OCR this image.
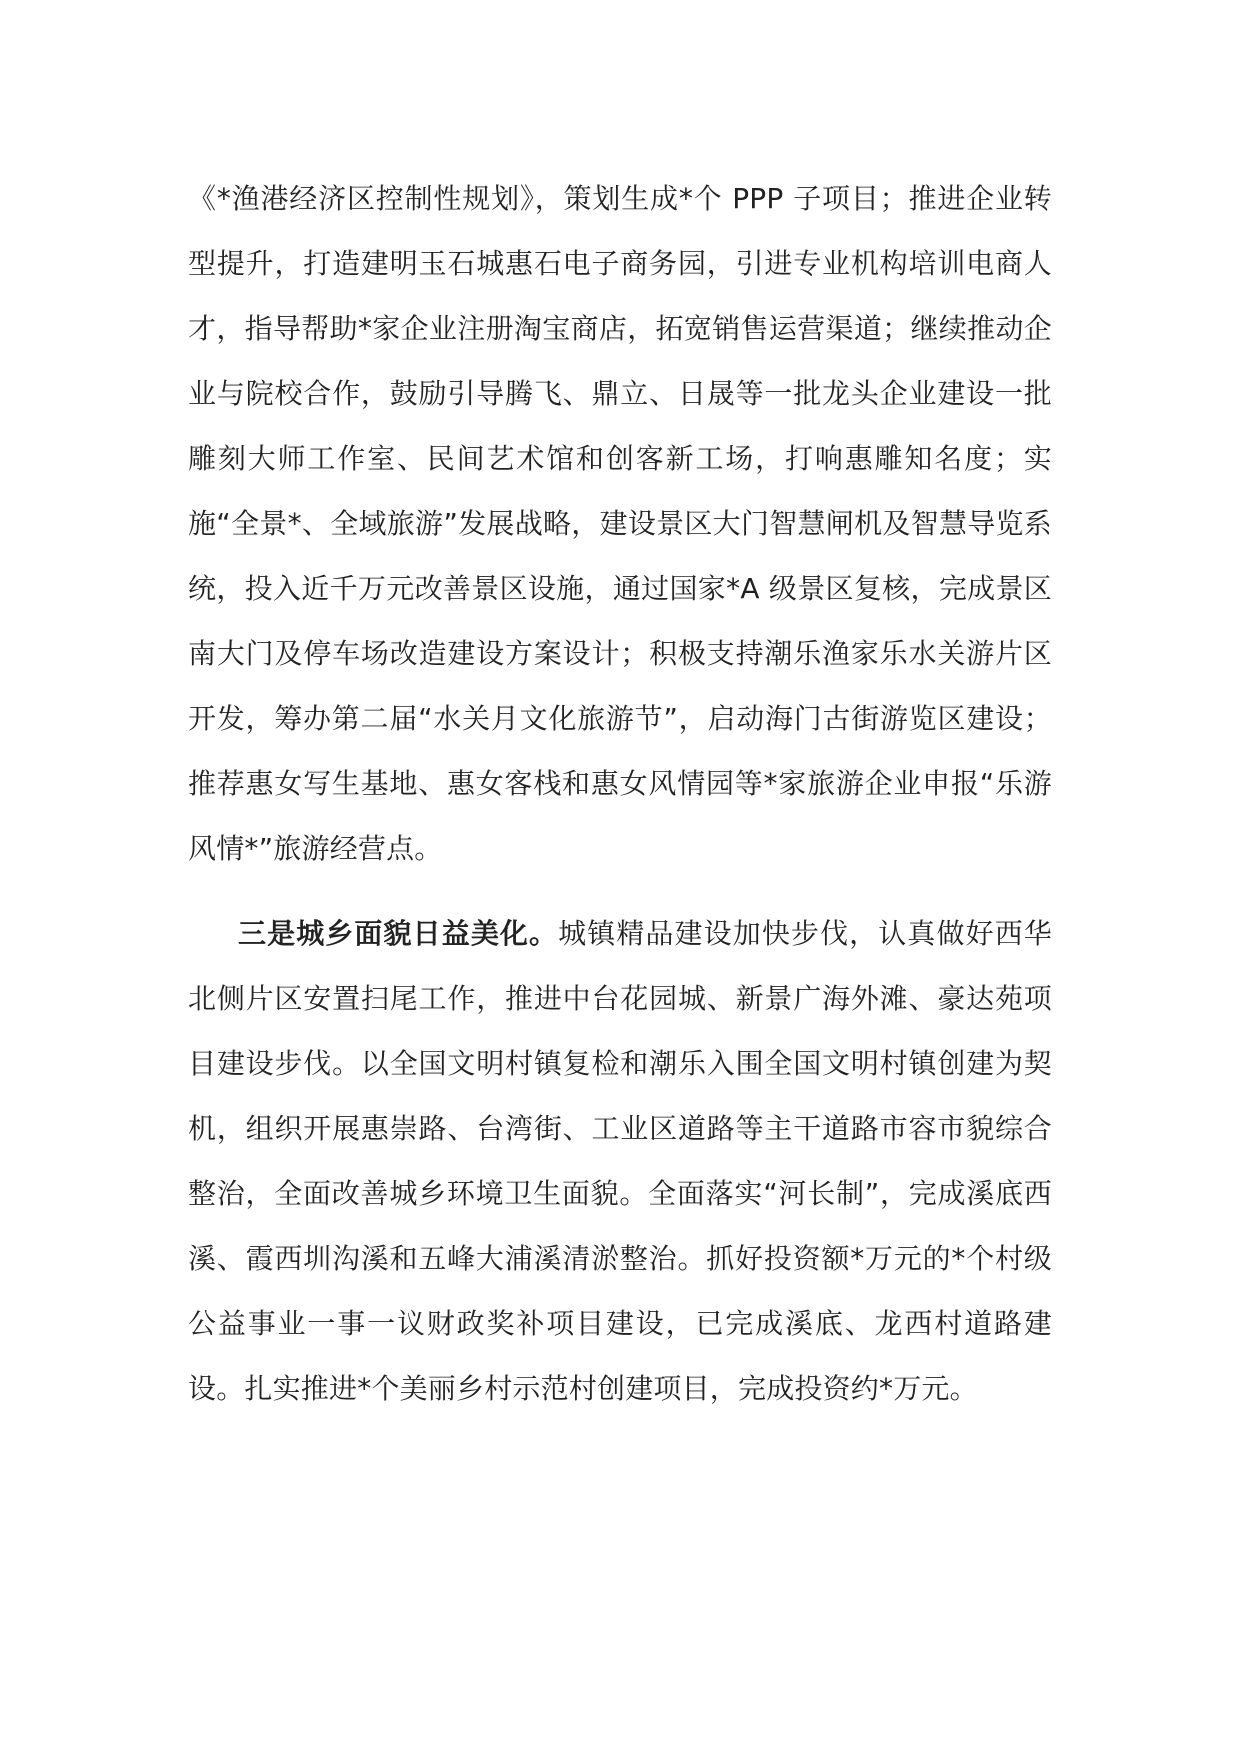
《*渔港经济区控制性规划》，策划生成*个 PPP 子项目；推进企业转型提升，打造建明玉石城惠石电子商务园，引进专业机构培训电商人才，指导帮助*家企业注册淘宝商店，拓宽销售运营渠道；继续推动企业与院校合作，鼓励引导腾飞、鼎立、日晟等一批龙头企业建设一批雕刻大师工作室、民间艺术馆和创客新工场，打响惠雕知名度；实施“全景*、全域旅游”发展战略，建设景区大门智慧闸机及智慧导览系统，投入近千万元改善景区设施，通过国家*A 级景区复核，完成景区南大门及停车场改造建设方案设计；积极支持潮乐渔家乐水关游片区开发，筹办第二届“水关月文化旅游节”，启动海门古街游览区建设；推荐惠女写生基地、惠女客栈和惠女风情园等*家旅游企业申报“乐游风情*”旅游经营点。

三是城乡面貌日益美化。城镇精品建设加快步伐，认真做好西华北侧片区安置扫尾工作，推进中台花园城、新景广海外滩、豪达苑项目建设步伐。以全国文明村镇复检和潮乐入围全国文明村镇创建为契机，组织开展惠崇路、台湾街、工业区道路等主干道路市容市貌综合整治，全面改善城乡环境卫生面貌。全面落实“河长制”，完成溪底西溪、霞西圳沟溪和五峰大浦溪清淤整治。抓好投资额*万元的*个村级公益事业一事一议财政奖补项目建设，已完成溪底、龙西村道路建设。扎实推进*个美丽乡村示范村创建项目，完成投资约*万元。
